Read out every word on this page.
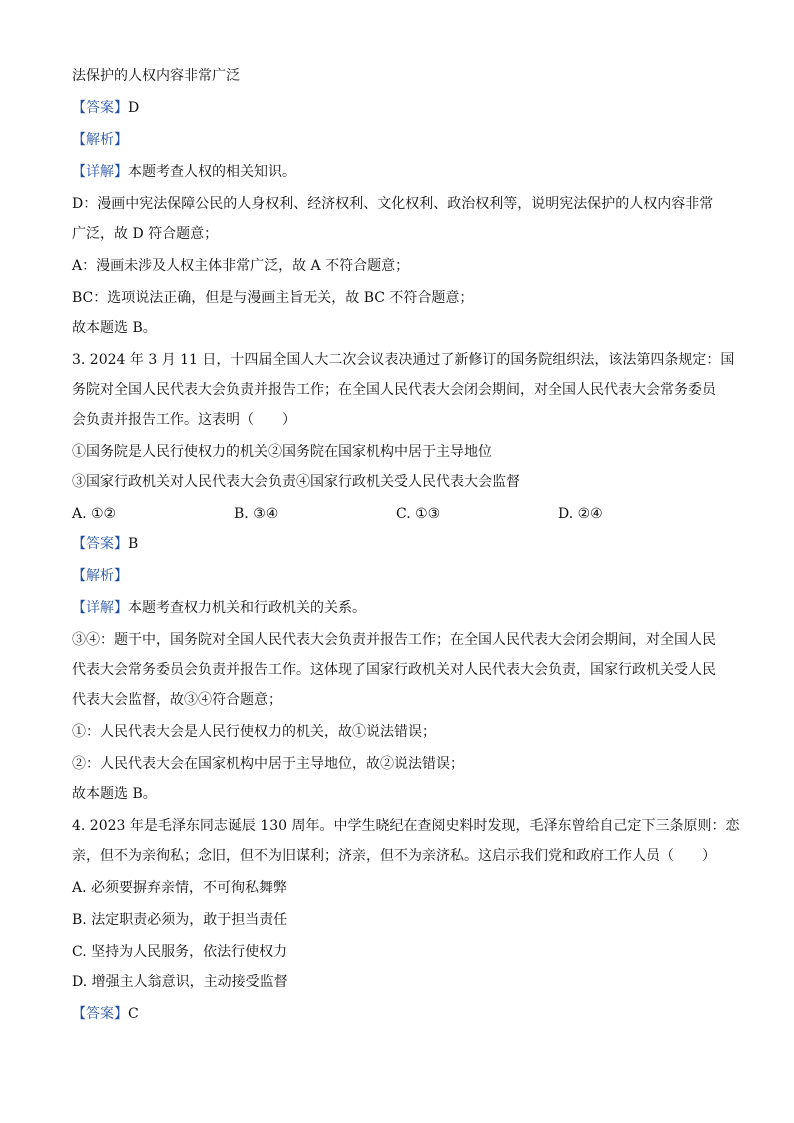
法保护的人权内容非常广泛
【答案】D
【解析】
【详解】本题考查人权的相关知识。
D：漫画中宪法保障公民的人身权利、经济权利、文化权利、政治权利等，说明宪法保护的人权内容非常
广泛，故 D 符合题意；
A：漫画未涉及人权主体非常广泛，故 A 不符合题意；
BC：选项说法正确，但是与漫画主旨无关，故 BC 不符合题意；
故本题选 B。
3. 2024 年 3 月 11 日，十四届全国人大二次会议表决通过了新修订的国务院组织法，该法第四条规定：国
务院对全国人民代表大会负责并报告工作；在全国人民代表大会闭会期间，对全国人民代表大会常务委员
会负责并报告工作。这表明（　　）
①国务院是人民行使权力的机关②国务院在国家机构中居于主导地位
③国家行政机关对人民代表大会负责④国家行政机关受人民代表大会监督
A. ①②	B. ③④	C. ①③	D. ②④
【答案】B
【解析】
【详解】本题考查权力机关和行政机关的关系。
③④：题干中，国务院对全国人民代表大会负责并报告工作；在全国人民代表大会闭会期间，对全国人民
代表大会常务委员会负责并报告工作。这体现了国家行政机关对人民代表大会负责，国家行政机关受人民
代表大会监督，故③④符合题意；
①：人民代表大会是人民行使权力的机关，故①说法错误；
②：人民代表大会在国家机构中居于主导地位，故②说法错误；
故本题选 B。
4. 2023 年是毛泽东同志诞辰 130 周年。中学生晓纪在查阅史料时发现，毛泽东曾给自己定下三条原则：恋
亲，但不为亲徇私；念旧，但不为旧谋利；济亲，但不为亲济私。这启示我们党和政府工作人员（　　）
A. 必须要摒弃亲情，不可徇私舞弊
B. 法定职责必须为，敢于担当责任
C. 坚持为人民服务，依法行使权力
D. 增强主人翁意识，主动接受监督
【答案】C
